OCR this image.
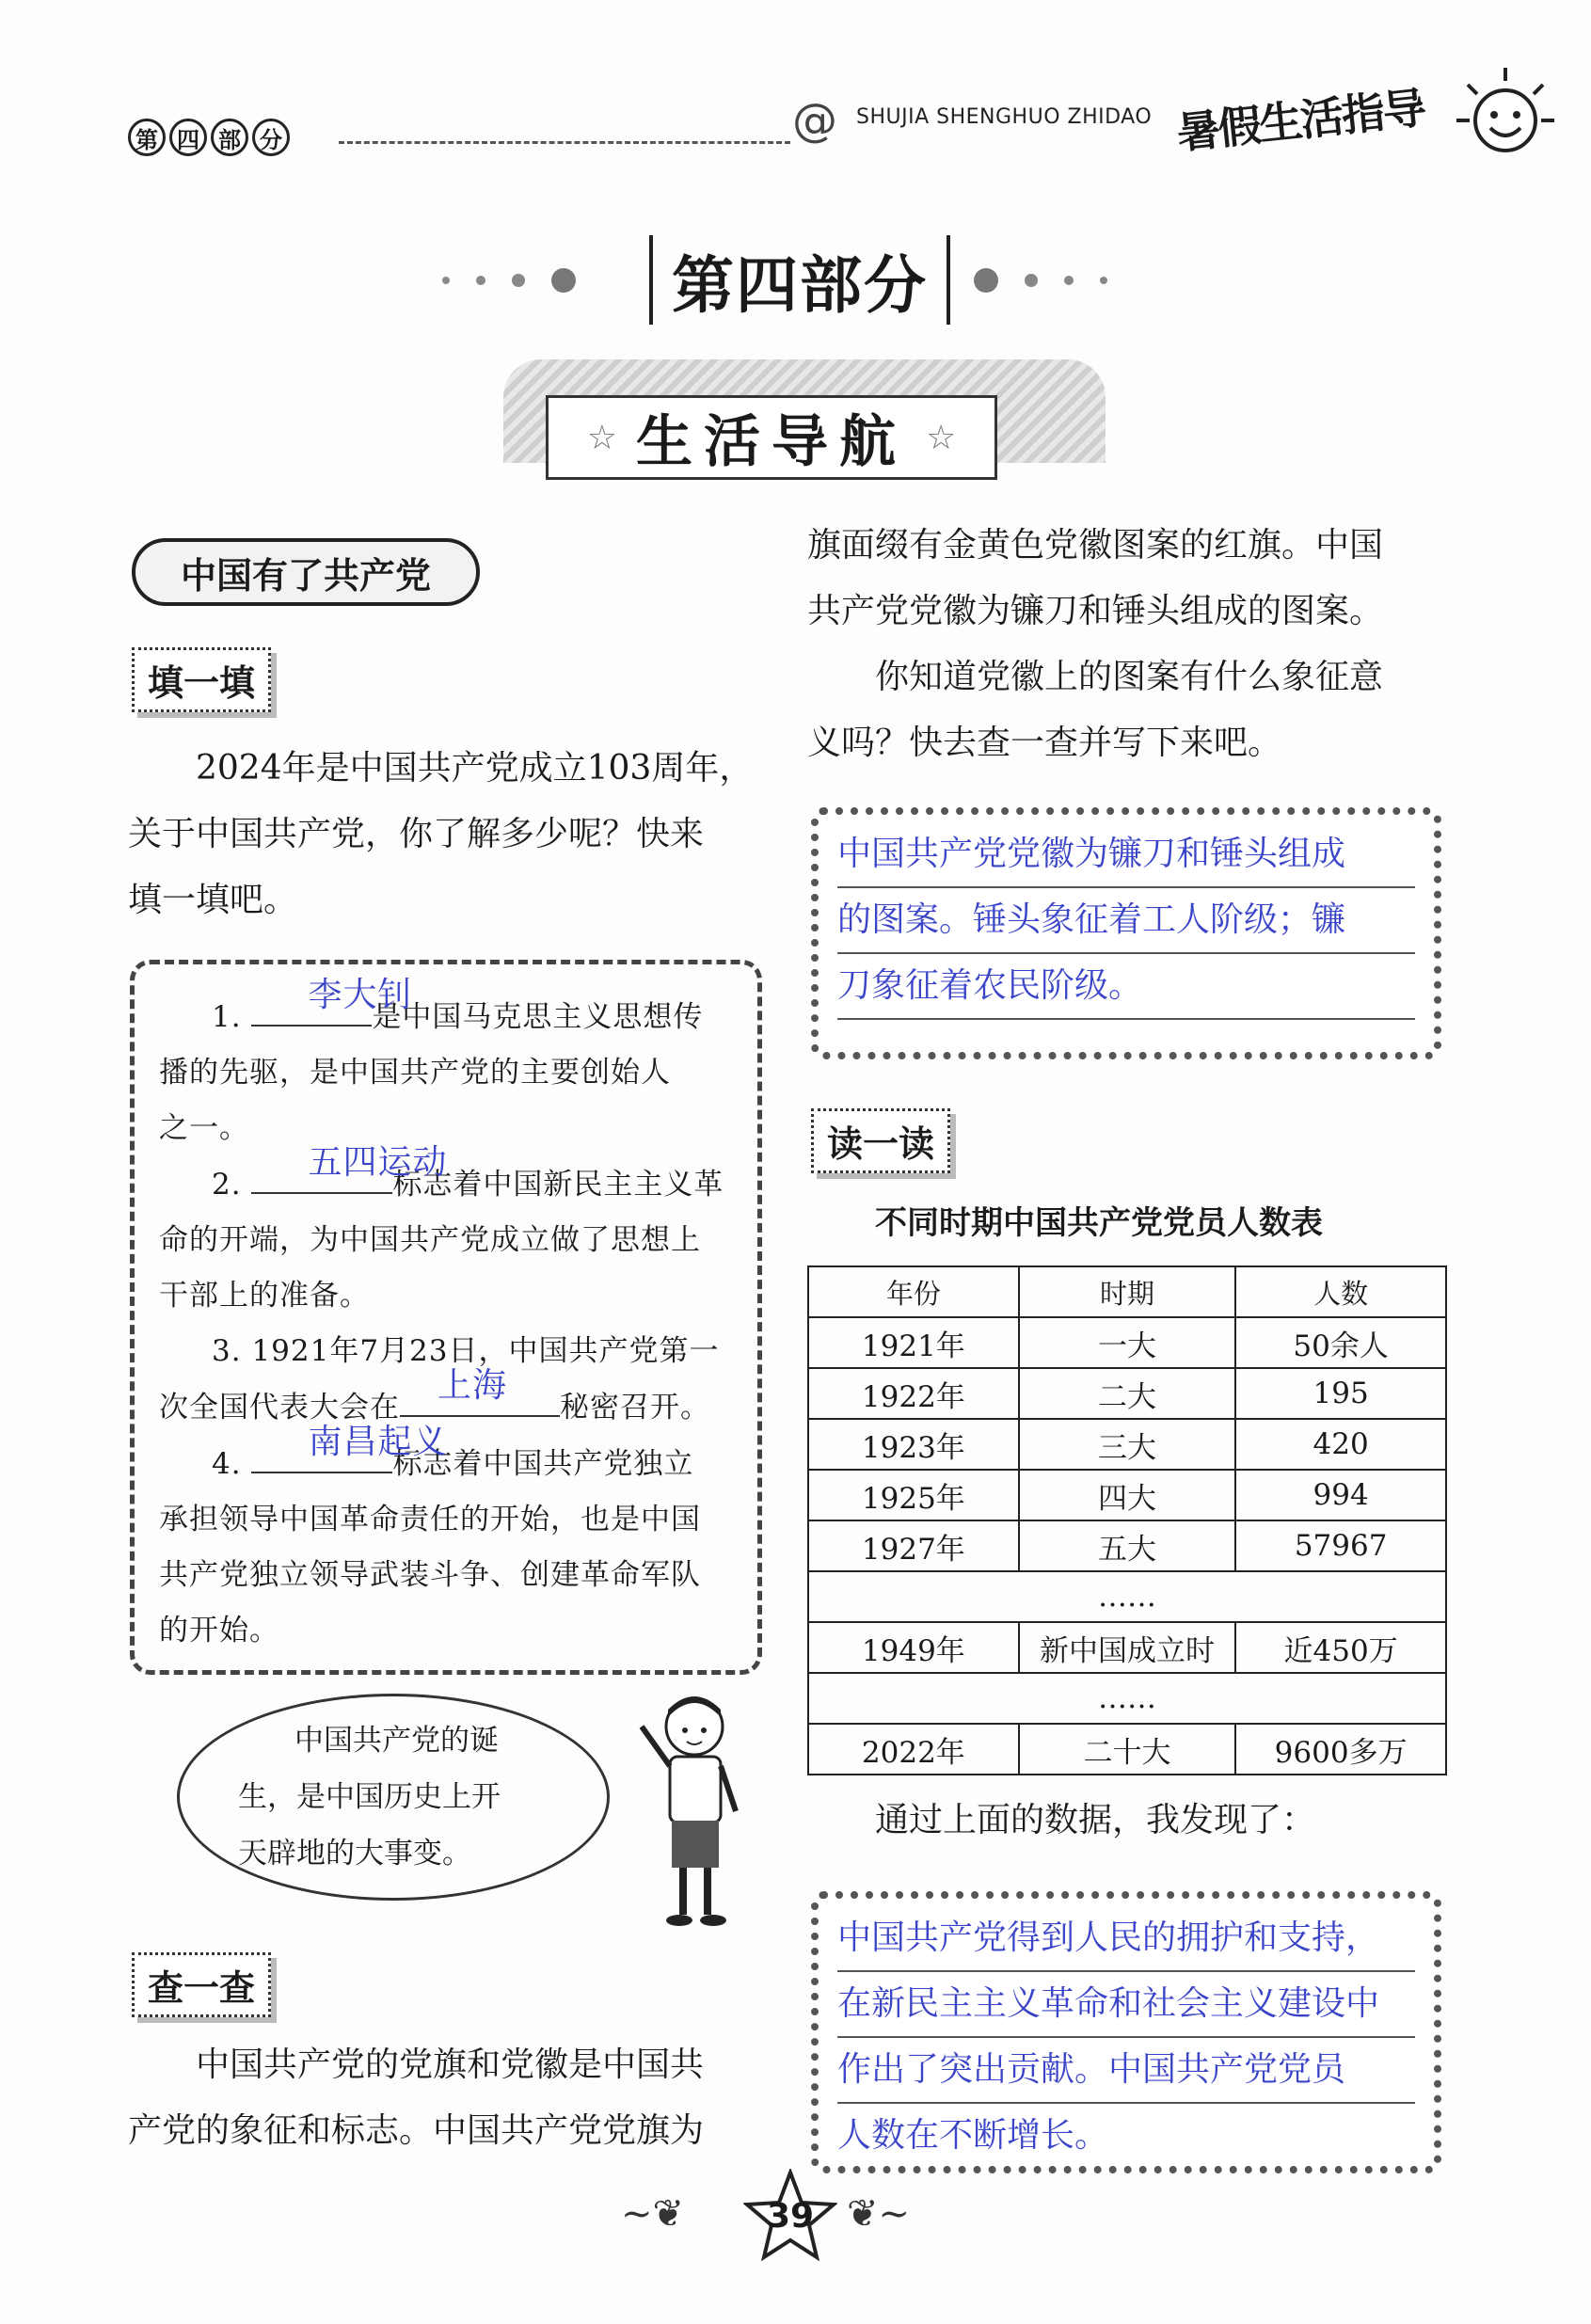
第 四 部 分	@ SHUJIA SHENGHUO ZHIDAO 暑假生活指导
第四部分
☆ 生活导航 ☆
中国有了共产党
填一填
2024年是中国共产党成立103周年，
关于中国共产党，你了解多少呢？快来
填一填吧。

1.
李大钊
是中国马克思主义思想传

播的先驱，是中国共产党的主要创始人

之一。

2.
五四运动
标志着中国新民主主义革

命的开端，为中国共产党成立做了思想上

干部上的准备。

3. 1921年7月23日，中国共产党第一

次全国代表大会在
上海
秘密召开。

4.
南昌起义
标志着中国共产党独立

承担领导中国革命责任的开始，也是中国

共产党独立领导武装斗争、创建革命军队

的开始。

中国共产党的诞
生，是中国历史上开
天辟地的大事变。

查一查
中国共产党的党旗和党徽是中国共
产党的象征和标志。中国共产党党旗为
旗面缀有金黄色党徽图案的红旗。中国
共产党党徽为镰刀和锤头组成的图案。
你知道党徽上的图案有什么象征意
义吗？快去查一查并写下来吧。
中国共产党党徽为镰刀和锤头组成
的图案。锤头象征着工人阶级；镰
刀象征着农民阶级。
读一读
不同时期中国共产党党员人数表
年份	时期	人数
1921年	一大	50余人
1922年	二大	195
1923年	三大	420
1925年	四大	994
1927年	五大	57967
……		
1949年	新中国成立时	近450万
……		
2022年	二十大	9600多万
通过上面的数据，我发现了：
中国共产党得到人民的拥护和支持，
在新民主主义革命和社会主义建设中
作出了突出贡献。中国共产党党员
人数在不断增长。
~❦ 39 ❦~
